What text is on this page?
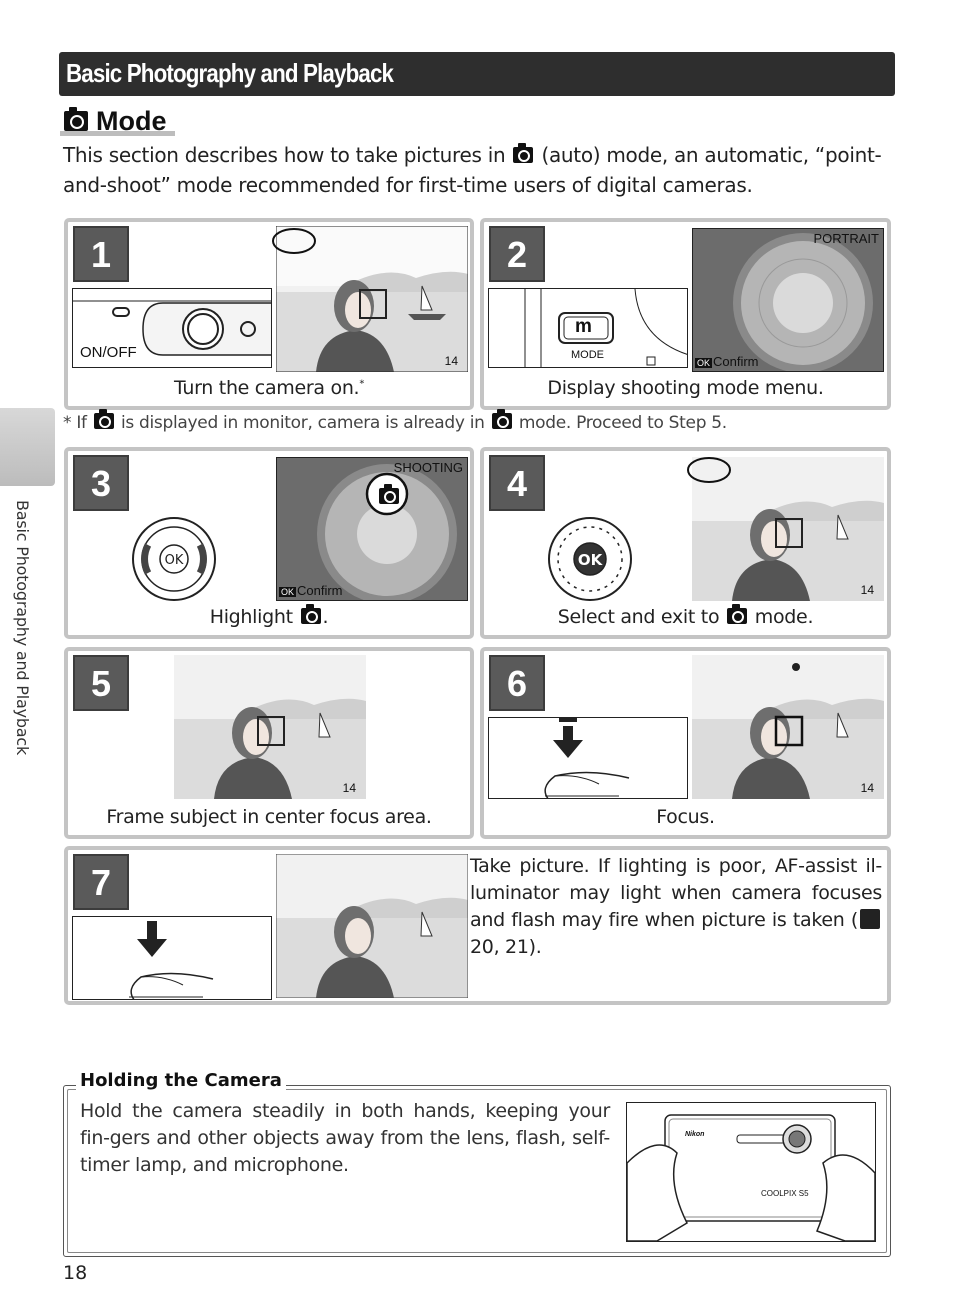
Basic Photography and Playback
Mode
This section describes how to take pictures in (auto) mode, an automatic, “point-and-shoot” mode recommended for first-time users of digital cameras.
Basic Photography and Playback
1
ON/OFF	14
Turn the camera on.*
2
m
MODE
PORTRAIT
OK Confirm
Display shooting mode menu.
* If is displayed in monitor, camera is already in mode. Proceed to Step 5.
3
OK
SHOOTING
OK Confirm
Highlight .
4
OK
14
Select and exit to mode.
5
14
Frame subject in center focus area.
6
14
Focus.
7	Take picture. If lighting is poor, AF-assist il-luminator may light when camera focuses and flash may fire when picture is taken (20, 21).
Holding the Camera
Hold the camera steadily in both hands, keeping your fin-gers and other objects away from the lens, flash, self-timer lamp, and microphone.
Nikon
COOLPIX S5
18
